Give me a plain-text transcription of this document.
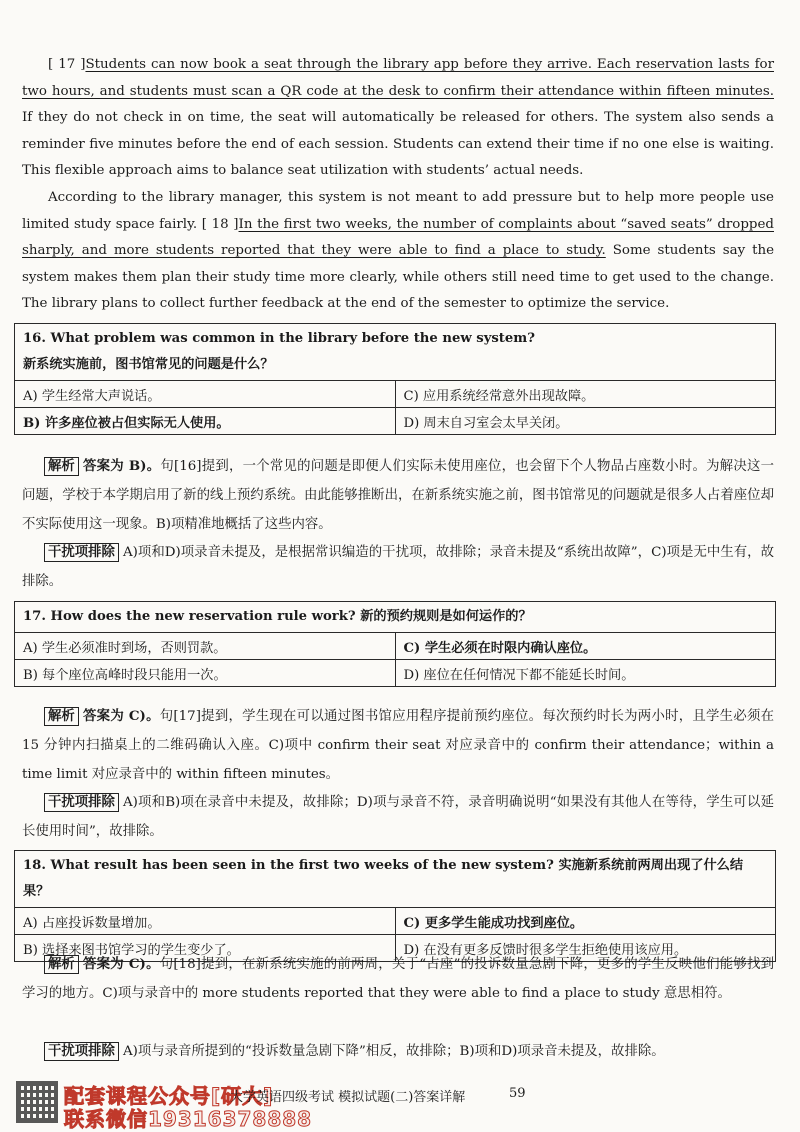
[ 17 ]Students can now book a seat through the library app before they arrive. Each reservation lasts for two hours, and students must scan a QR code at the desk to confirm their attendance within fifteen minutes. If they do not check in on time, the seat will automatically be released for others. The system also sends a reminder five minutes before the end of each session. Students can extend their time if no one else is waiting. This flexible approach aims to balance seat utilization with students’ actual needs.

According to the library manager, this system is not meant to add pressure but to help more people use limited study space fairly. [ 18 ]In the first two weeks, the number of complaints about “saved seats” dropped sharply, and more students reported that they were able to find a place to study. Some students say the system makes them plan their study time more clearly, while others still need time to get used to the change. The library plans to collect further feedback at the end of the semester to optimize the service.

16. What problem was common in the library before the new system?
新系统实施前，图书馆常见的问题是什么？	

A) 学生经常大声说话。	C) 应用系统经常意外出现故障。
B) 许多座位被占但实际无人使用。	D) 周末自习室会太早关闭。
解析 答案为 B)。句[16]提到，一个常见的问题是即便人们实际未使用座位，也会留下个人物品占座数小时。为解决这一问题，学校于本学期启用了新的线上预约系统。由此能够推断出，在新系统实施之前，图书馆常见的问题就是很多人占着座位却不实际使用这一现象。B)项精准地概括了这些内容。
干扰项排除 A)项和D)项录音未提及，是根据常识编造的干扰项，故排除；录音未提及“系统出故障”，C)项是无中生有，故排除。
17. How does the new reservation rule work? 新的预约规则是如何运作的？	
A) 学生必须准时到场，否则罚款。	C) 学生必须在时限内确认座位。
B) 每个座位高峰时段只能用一次。	D) 座位在任何情况下都不能延长时间。
解析 答案为 C)。句[17]提到，学生现在可以通过图书馆应用程序提前预约座位。每次预约时长为两小时，且学生必须在 15 分钟内扫描桌上的二维码确认入座。C)项中 confirm their seat 对应录音中的 confirm their attendance；within a time limit 对应录音中的 within fifteen minutes。
干扰项排除 A)项和B)项在录音中未提及，故排除；D)项与录音不符，录音明确说明“如果没有其他人在等待，学生可以延长使用时间”，故排除。
18. What result has been seen in the first two weeks of the new system? 实施新系统前两周出现了什么结果？	
A) 占座投诉数量增加。	C) 更多学生能成功找到座位。
B) 选择来图书馆学习的学生变少了。	D) 在没有更多反馈时很多学生拒绝使用该应用。
解析 答案为 C)。句[18]提到，在新系统实施的前两周，关于“占座”的投诉数量急剧下降，更多的学生反映他们能够找到学习的地方。C)项与录音中的 more students reported that they were able to find a place to study 意思相符。
干扰项排除 A)项与录音所提到的“投诉数量急剧下降”相反，故排除；B)项和D)项录音未提及，故排除。
配套课程公众号[研大]
联系微信19316378888
大学英语四级考试 模拟试题(二)答案详解	59
